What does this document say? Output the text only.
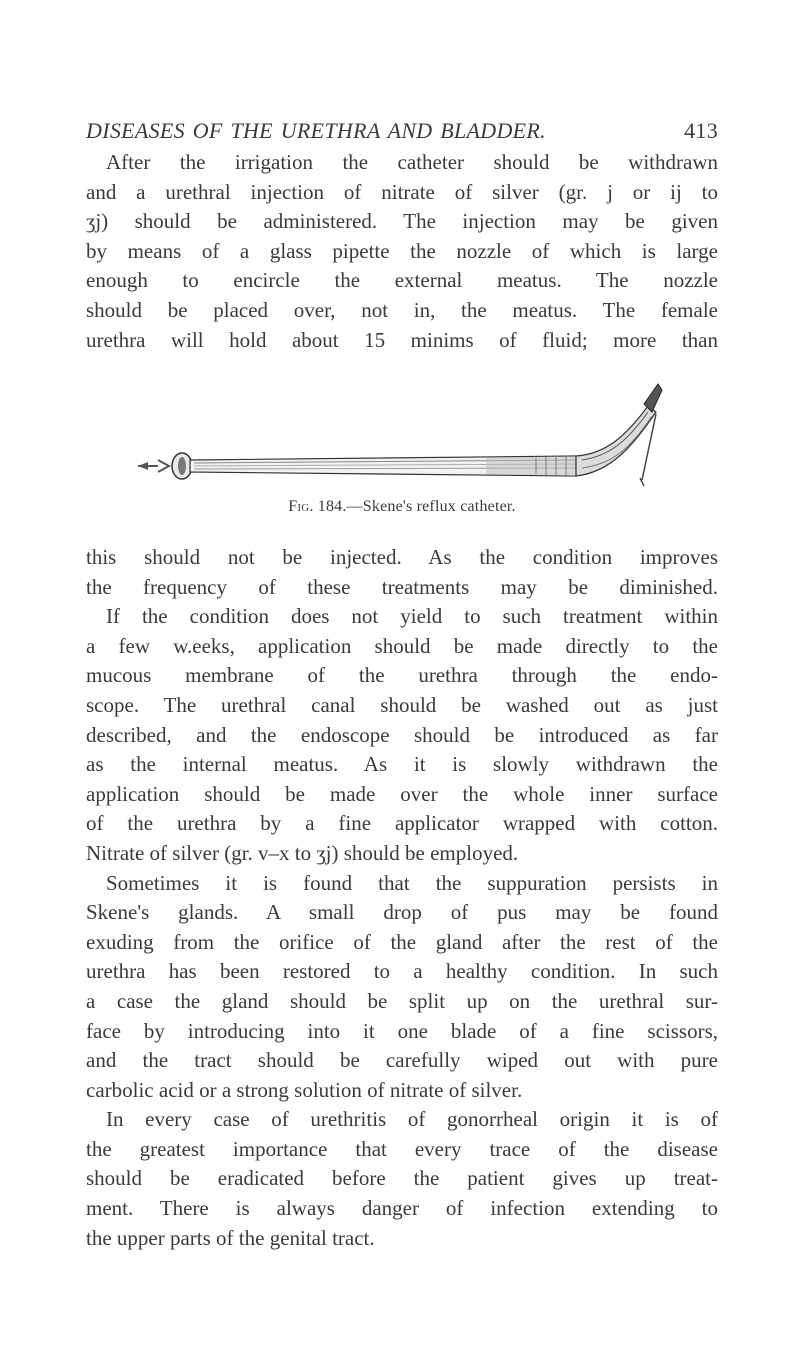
DISEASES OF THE URETHRA AND BLADDER.	413
After the irrigation the catheter should be withdrawn
and a urethral injection of nitrate of silver (gr. j or ij to
ʒj) should be administered. The injection may be given
by means of a glass pipette the nozzle of which is large
enough to encircle the external meatus. The nozzle
should be placed over, not in, the meatus. The female
urethra will hold about 15 minims of fluid; more than
Fig. 184.—Skene's reflux catheter.
this should not be injected. As the condition improves
the frequency of these treatments may be diminished.
If the condition does not yield to such treatment within
a few w.eeks, application should be made directly to the
mucous membrane of the urethra through the endo-
scope. The urethral canal should be washed out as just
described, and the endoscope should be introduced as far
as the internal meatus. As it is slowly withdrawn the
application should be made over the whole inner surface
of the urethra by a fine applicator wrapped with cotton.
Nitrate of silver (gr. v–x to ʒj) should be employed.
Sometimes it is found that the suppuration persists in
Skene's glands. A small drop of pus may be found
exuding from the orifice of the gland after the rest of the
urethra has been restored to a healthy condition. In such
a case the gland should be split up on the urethral sur-
face by introducing into it one blade of a fine scissors,
and the tract should be carefully wiped out with pure
carbolic acid or a strong solution of nitrate of silver.
In every case of urethritis of gonorrheal origin it is of
the greatest importance that every trace of the disease
should be eradicated before the patient gives up treat-
ment. There is always danger of infection extending to
the upper parts of the genital tract.
